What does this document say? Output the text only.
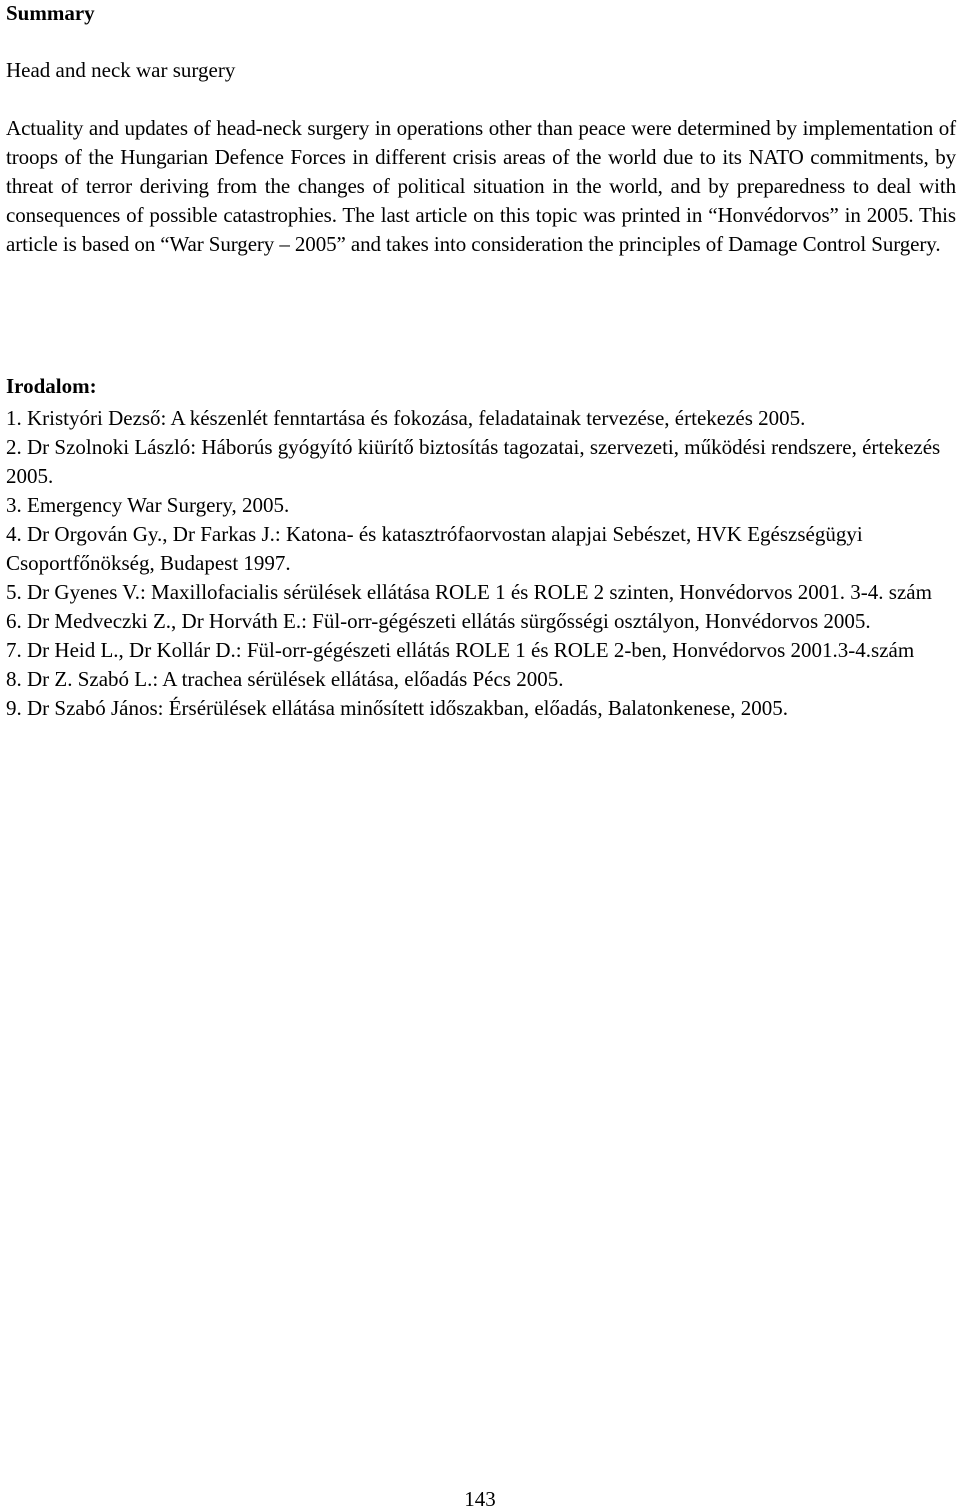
Summary

Head and neck war surgery

Actuality and updates of head-neck surgery in operations other than peace were determined by implementation of troops of the Hungarian Defence Forces in different crisis areas of the world due to its NATO commitments, by threat of terror deriving from the changes of political situation in the world, and by preparedness to deal with consequences of possible catastrophies. The last article on this topic was printed in “Honvédorvos” in 2005. This article is based on “War Surgery – 2005” and takes into consideration the principles of Damage Control Surgery.

Irodalom:
1. Kristyóri Dezső: A készenlét fenntartása és fokozása, feladatainak tervezése, értekezés 2005.
2. Dr Szolnoki László: Háborús gyógyító kiürítő biztosítás tagozatai, szervezeti, működési rendszere, értekezés 2005.
3. Emergency War Surgery, 2005.
4. Dr Orgován Gy., Dr Farkas J.: Katona- és katasztrófaorvostan alapjai Sebészet, HVK Egészségügyi Csoportfőnökség, Budapest 1997.
5. Dr Gyenes V.: Maxillofacialis sérülések ellátása ROLE 1 és ROLE 2 szinten, Honvédorvos 2001. 3-4. szám
6. Dr Medveczki Z., Dr Horváth E.: Fül-orr-gégészeti ellátás sürgősségi osztályon, Honvédorvos 2005.
7. Dr Heid L., Dr Kollár D.: Fül-orr-gégészeti ellátás ROLE 1 és ROLE 2-ben, Honvédorvos 2001.3-4.szám
8. Dr Z. Szabó L.: A trachea sérülések ellátása, előadás Pécs 2005.
9. Dr Szabó János: Érsérülések ellátása minősített időszakban, előadás, Balatonkenese, 2005.
143
